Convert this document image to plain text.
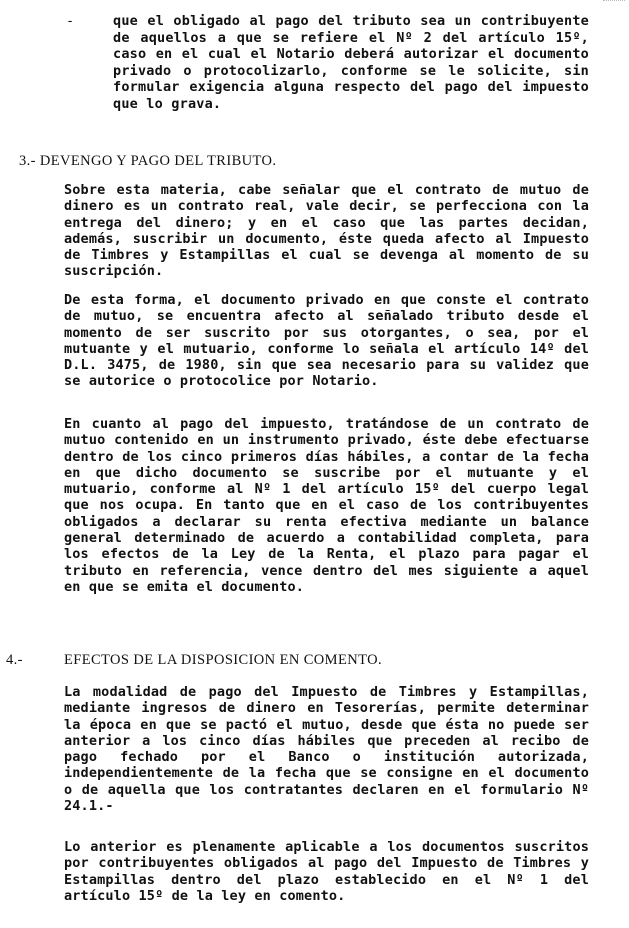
-	que el obligado al pago del tributo sea un contribuyente de aquellos a que se refiere el Nº 2 del artículo 15º, caso en el cual el Notario deberá autorizar el documento privado o protocolizarlo, conforme se le solicite, sin formular exigencia alguna respecto del pago del impuesto que lo grava.
3.- DEVENGO Y PAGO DEL TRIBUTO.
Sobre esta materia, cabe señalar que el contrato de mutuo de dinero es un contrato real, vale decir, se perfecciona con la entrega del dinero; y en el caso que las partes decidan, además, suscribir un documento, éste queda afecto al Impuesto de Timbres y Estampillas el cual se devenga al momento de su suscripción.
De esta forma, el documento privado en que conste el contrato de mutuo, se encuentra afecto al señalado tributo desde el momento de ser suscrito por sus otorgantes, o sea, por el mutuante y el mutuario, conforme lo señala el artículo 14º del D.L. 3475, de 1980, sin que sea necesario para su validez que se autorice o protocolice por Notario.
En cuanto al pago del impuesto, tratándose de un contrato de mutuo contenido en un instrumento privado, éste debe efectuarse dentro de los cinco primeros días hábiles, a contar de la fecha en que dicho documento se suscribe por el mutuante y el mutuario, conforme al Nº 1 del artículo 15º del cuerpo legal que nos ocupa. En tanto que en el caso de los contribuyentes obligados a declarar su renta efectiva mediante un balance general determinado de acuerdo a contabilidad completa, para los efectos de la Ley de la Renta, el plazo para pagar el tributo en referencia, vence dentro del mes siguiente a aquel en que se emita el documento.
4.-	EFECTOS DE LA DISPOSICION EN COMENTO.
La modalidad de pago del Impuesto de Timbres y Estampillas, mediante ingresos de dinero en Tesorerías, permite determinar la época en que se pactó el mutuo, desde que ésta no puede ser anterior a los cinco días hábiles que preceden al recibo de pago fechado por el Banco o institución autorizada, independientemente de la fecha que se consigne en el documento o de aquella que los contratantes declaren en el formulario Nº 24.1.-
Lo anterior es plenamente aplicable a los documentos suscritos por contribuyentes obligados al pago del Impuesto de Timbres y Estampillas dentro del plazo establecido en el Nº 1 del artículo 15º de la ley en comento.
